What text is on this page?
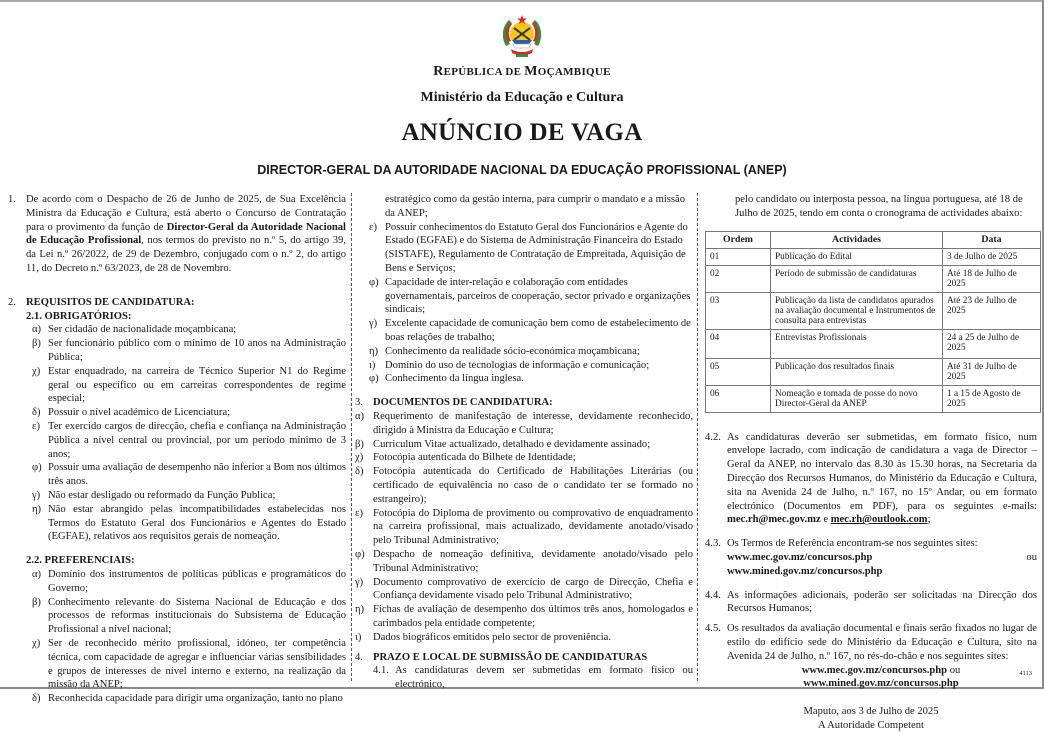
REPÚBLICA DE MOÇAMBIQUE
Ministério da Educação e Cultura
ANÚNCIO DE VAGA
DIRECTOR-GERAL DA AUTORIDADE NACIONAL DA EDUCAÇÃO PROFISSIONAL (ANEP)
1. De acordo com o Despacho de 26 de Junho de 2025, de Sua Excelência Ministra da Educação e Cultura, está aberto o Concurso de Contratação para o provimento da função de Director-Geral da Autoridade Nacional de Educação Profissional, nos termos do previsto no n.º 5, do artigo 39, da Lei n.º 26/2022, de 29 de Dezembro, conjugado com o n.º 2, do artigo 11, do Decreto n.º 63/2023, de 28 de Novembro.
2. REQUISITOS DE CANDIDATURA:
2.1. OBRIGATÓRIOS:
α) Ser cidadão de nacionalidade moçambicana;
β) Ser funcionário público com o mínimo de 10 anos na Administração Pública;
χ) Estar enquadrado, na carreira de Técnico Superior N1 do Regime geral ou específico ou em carreiras correspondentes de regime especial;
δ) Possuir o nível académico de Licenciatura;
ε) Ter exercido cargos de direcção, chefia e confiança na Administração Pública a nível central ou provincial, por um período mínimo de 3 anos;
φ) Possuir uma avaliação de desempenho não inferior a Bom nos últimos três anos.
γ) Não estar desligado ou reformado da Função Publica;
η) Não estar abrangido pelas incompatibilidades estabelecidas nos Termos do Estatuto Geral dos Funcionários e Agentes do Estado (EGFAE), relativos aos requisitos gerais de nomeação.
2.2. PREFERENCIAIS:
α) Domínio dos instrumentos de políticas públicas e programáticos do Governo;
β) Conhecimento relevante do Sistema Nacional de Educação e dos processos de reformas institucionais do Subsistema de Educação Profissional a nível nacional;
χ) Ser de reconhecido mérito profissional, idóneo, ter competência técnica, com capacidade de agregar e influenciar várias sensibilidades e grupos de interesses de nível interno e externo, na realização da missão da ANEP;
δ) Reconhecida capacidade para dirigir uma organização, tanto no plano
estratégico como da gestão interna, para cumprir o mandato e a missão da ANEP;
ε) Possuir conhecimentos do Estatuto Geral dos Funcionários e Agente do Estado (EGFAE) e do Sistema de Administração Financeira do Estado (SISTAFE), Regulamento de Contratação de Empreitada, Aquisição de Bens e Serviços;
φ) Capacidade de inter-relação e colaboração com entidades governamentais, parceiros de cooperação, sector privado e organizações sindicais;
γ) Excelente capacidade de comunicação bem como de estabelecimento de boas relações de trabalho;
η) Conhecimento da realidade sócio-económica moçambicana;
ι) Domínio do uso de tecnologias de informação e comunicação;
φ) Conhecimento da língua inglesa.
3. DOCUMENTOS DE CANDIDATURA:
α) Requerimento de manifestação de interesse, devidamente reconhecido, dirigido à Ministra da Educação e Cultura;
β) Curriculum Vitae actualizado, detalhado e devidamente assinado;
χ) Fotocópia autenticada do Bilhete de Identidade;
δ) Fotocópia autenticada do Certificado de Habilitações Literárias (ou certificado de equivalência no caso de o candidato ter se formado no estrangeiro);
ε) Fotocópia do Diploma de provimento ou comprovativo de enquadramento na carreira profissional, mais actualizado, devidamente anotado/visado pelo Tribunal Administrativo;
φ) Despacho de nomeação definitiva, devidamente anotado/visado pelo Tribunal Administrativo;
γ) Documento comprovativo de exercício de cargo de Direcção, Chefia e Confiança devidamente visado pelo Tribunal Administrativo;
η) Fichas de avaliação de desempenho dos últimos três anos, homologados e carimbados pela entidade competente;
ι)	Dados biográficos emitidos pelo sector de proveniência.
4. PRAZO E LOCAL DE SUBMISSÃO DE CANDIDATURAS
4.1. As candidaturas devem ser submetidas em formato físico ou electrónico,
pelo candidato ou interposta pessoa, na língua portuguesa, até 18 de Julho de 2025, tendo em conta o cronograma de actividades abaixo:
Ordem	Actividades	Data
01	Publicação do Edital	3 de Julho de 2025
02	Período de submissão de candidaturas	Até 18 de Julho de 2025
03	Publicação da lista de candidatos apurados na avaliação documental e Instrumentos de consulta para entrevistas	Até 23 de Julho de 2025
04	Entrevistas Profissionais	24 a 25 de Julho de 2025
05	Publicação dos resultados finais	Até 31 de Julho de 2025
06	Nomeação e tomada de posse do novo Director-Geral da ANEP	1 a 15 de Agosto de 2025
4.2. As candidaturas deverão ser submetidas, em formato físico, num envelope lacrado, com indicação de candidatura a vaga de Director –Geral da ANEP, no intervalo das 8.30 às 15.30 horas, na Secretaria da Direcção dos Recursos Humanos, do Ministério da Educação e Cultura, sita na Avenida 24 de Julho, n.º 167, no 15º Andar, ou em formato electrónico (Documentos em PDF), para os seguintes e-mails: mec.rh@mec.gov.mz e mec.rh@outlook.com;
4.3. Os Termos de Referência encontram-se nos seguintes sites:
www.mec.gov.mz/concursos.php ou www.mined.gov.mz/concursos.php
4.4. As informações adicionais, poderão ser solicitadas na Direcção dos Recursos Humanos;
4.5. Os resultados da avaliação documental e finais serão fixados no lugar de estilo do edifício sede do Ministério da Educação e Cultura, sito na Avenida 24 de Julho, n.º 167, no rés-do-chão e nos seguintes sites:
www.mec.gov.mz/concursos.php ou www.mined.gov.mz/concursos.php
Maputo, aos 3 de Julho de 2025
A Autoridade Competent
4113
